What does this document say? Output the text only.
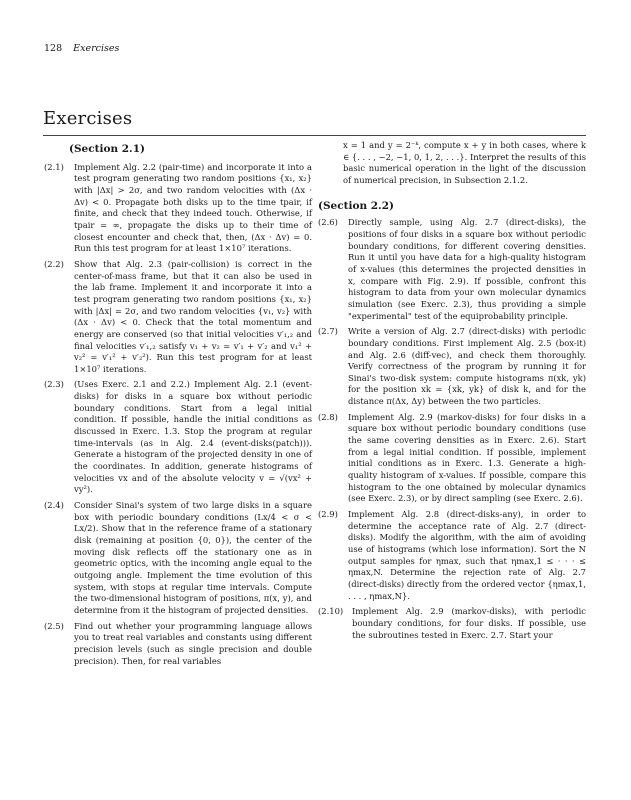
128 Exercises
Exercises

(Section 2.1)

(2.1)	Implement Alg. 2.2 (pair-time) and incorporate it into a test program generating two random positions {x₁, x₂} with |Δx| > 2σ, and two random velocities with (Δx · Δv) < 0. Propagate both disks up to the time tpair, if finite, and check that they indeed touch. Otherwise, if tpair = ∞, propagate the disks up to their time of closest encounter and check that, then, (Δx · Δv) = 0. Run this test program for at least 1×10⁷ iterations.
(2.2)	Show that Alg. 2.3 (pair-collision) is correct in the center-of-mass frame, but that it can also be used in the lab frame. Implement it and incorporate it into a test program generating two random positions {x₁, x₂} with |Δx| = 2σ, and two random velocities {v₁, v₂} with (Δx · Δv) < 0. Check that the total momentum and energy are conserved (so that initial velocities v′₁,₂ and final velocities v′₁,₂ satisfy v₁ + v₂ = v′₁ + v′₂ and v₁² + v₂² = v′₁² + v′₂²). Run this test program for at least 1×10⁷ iterations.
(2.3)	(Uses Exerc. 2.1 and 2.2.) Implement Alg. 2.1 (event-disks) for disks in a square box without periodic boundary conditions. Start from a legal initial condition. If possible, handle the initial conditions as discussed in Exerc. 1.3. Stop the program at regular time-intervals (as in Alg. 2.4 (event-disks(patch))). Generate a histogram of the projected density in one of the coordinates. In addition, generate histograms of velocities vx and of the absolute velocity v = √(vx² + vy²).
(2.4)	Consider Sinai's system of two large disks in a square box with periodic boundary conditions (Lx/4 < σ < Lx/2). Show that in the reference frame of a stationary disk (remaining at position {0, 0}), the center of the moving disk reflects off the stationary one as in geometric optics, with the incoming angle equal to the outgoing angle. Implement the time evolution of this system, with stops at regular time intervals. Compute the two-dimensional histogram of positions, π(x, y), and determine from it the histogram of projected densities.
(2.5)	Find out whether your programming language allows you to treat real variables and constants using different precision levels (such as single precision and double precision). Then, for real variables

x = 1 and y = 2⁻ᵏ, compute x + y in both cases, where k ∈ {. . . , −2, −1, 0, 1, 2, . . .}. Interpret the results of this basic numerical operation in the light of the discussion of numerical precision, in Subsection 2.1.2.

(Section 2.2)

(2.6)	Directly sample, using Alg. 2.7 (direct-disks), the positions of four disks in a square box without periodic boundary conditions, for different covering densities. Run it until you have data for a high-quality histogram of x-values (this determines the projected densities in x, compare with Fig. 2.9). If possible, confront this histogram to data from your own molecular dynamics simulation (see Exerc. 2.3), thus providing a simple "experimental" test of the equiprobability principle.
(2.7)	Write a version of Alg. 2.7 (direct-disks) with periodic boundary conditions. First implement Alg. 2.5 (box-it) and Alg. 2.6 (diff-vec), and check them thoroughly. Verify correctness of the program by running it for Sinai's two-disk system: compute histograms π(xk, yk) for the position xk = {xk, yk} of disk k, and for the distance π(Δx, Δy) between the two particles.
(2.8)	Implement Alg. 2.9 (markov-disks) for four disks in a square box without periodic boundary conditions (use the same covering densities as in Exerc. 2.6). Start from a legal initial condition. If possible, implement initial conditions as in Exerc. 1.3. Generate a high-quality histogram of x-values. If possible, compare this histogram to the one obtained by molecular dynamics (see Exerc. 2.3), or by direct sampling (see Exerc. 2.6).
(2.9)	Implement Alg. 2.8 (direct-disks-any), in order to determine the acceptance rate of Alg. 2.7 (direct-disks). Modify the algorithm, with the aim of avoiding use of histograms (which lose information). Sort the N output samples for ηmax, such that ηmax,1 ≤ · · · ≤ ηmax,N. Determine the rejection rate of Alg. 2.7 (direct-disks) directly from the ordered vector {ηmax,1, . . . , ηmax,N}.
(2.10)	Implement Alg. 2.9 (markov-disks), with periodic boundary conditions, for four disks. If possible, use the subroutines tested in Exerc. 2.7. Start your
